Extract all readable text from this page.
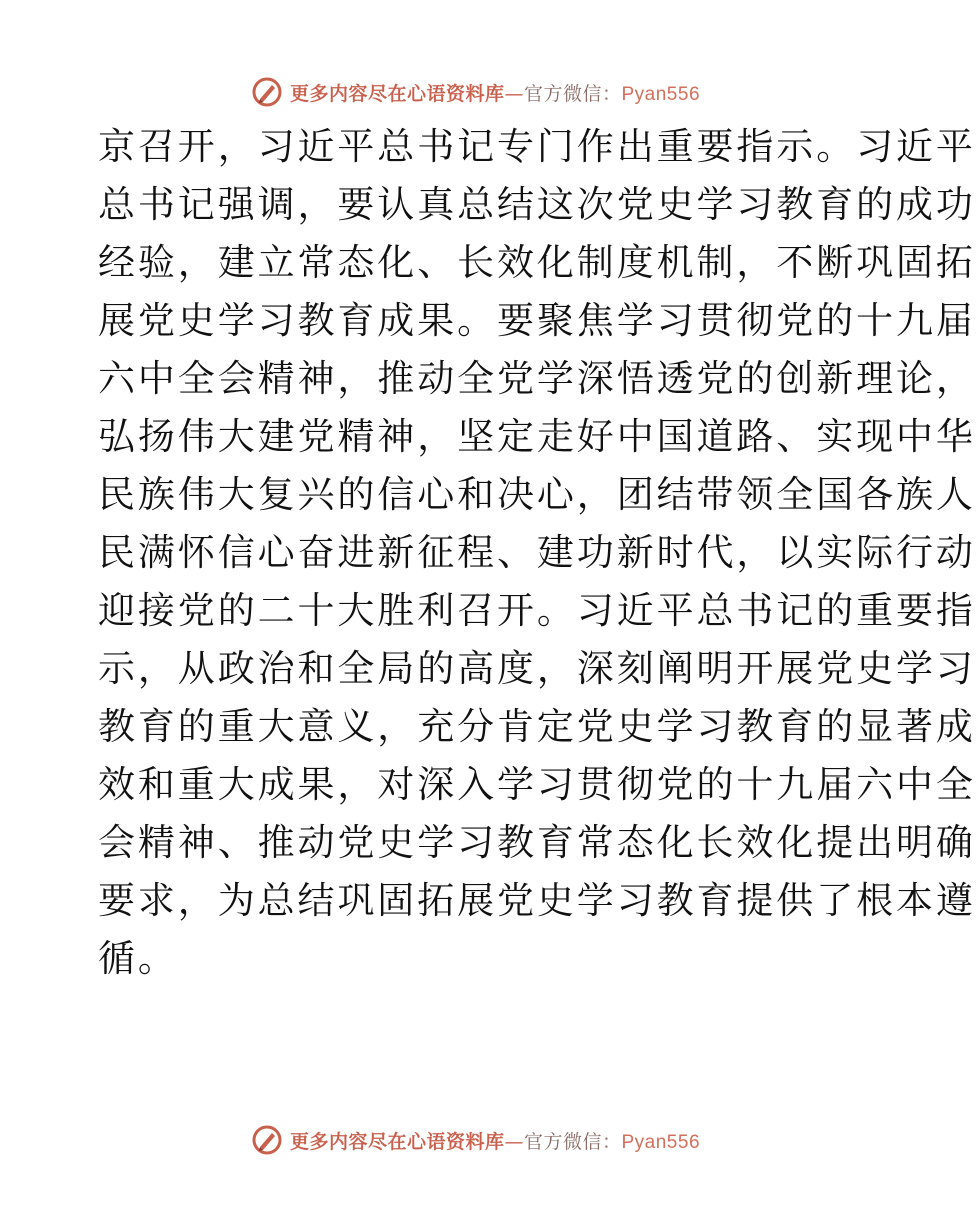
更多内容尽在心语资料库—官方微信：Pyan556
京召开，习近平总书记专门作出重要指示。习近平
总书记强调，要认真总结这次党史学习教育的成功
经验，建立常态化、长效化制度机制，不断巩固拓
展党史学习教育成果。要聚焦学习贯彻党的十九届
六中全会精神，推动全党学深悟透党的创新理论，
弘扬伟大建党精神，坚定走好中国道路、实现中华
民族伟大复兴的信心和决心，团结带领全国各族人
民满怀信心奋进新征程、建功新时代，以实际行动
迎接党的二十大胜利召开。习近平总书记的重要指
示，从政治和全局的高度，深刻阐明开展党史学习
教育的重大意义，充分肯定党史学习教育的显著成
效和重大成果，对深入学习贯彻党的十九届六中全
会精神、推动党史学习教育常态化长效化提出明确
要求，为总结巩固拓展党史学习教育提供了根本遵
循。
更多内容尽在心语资料库—官方微信：Pyan556
